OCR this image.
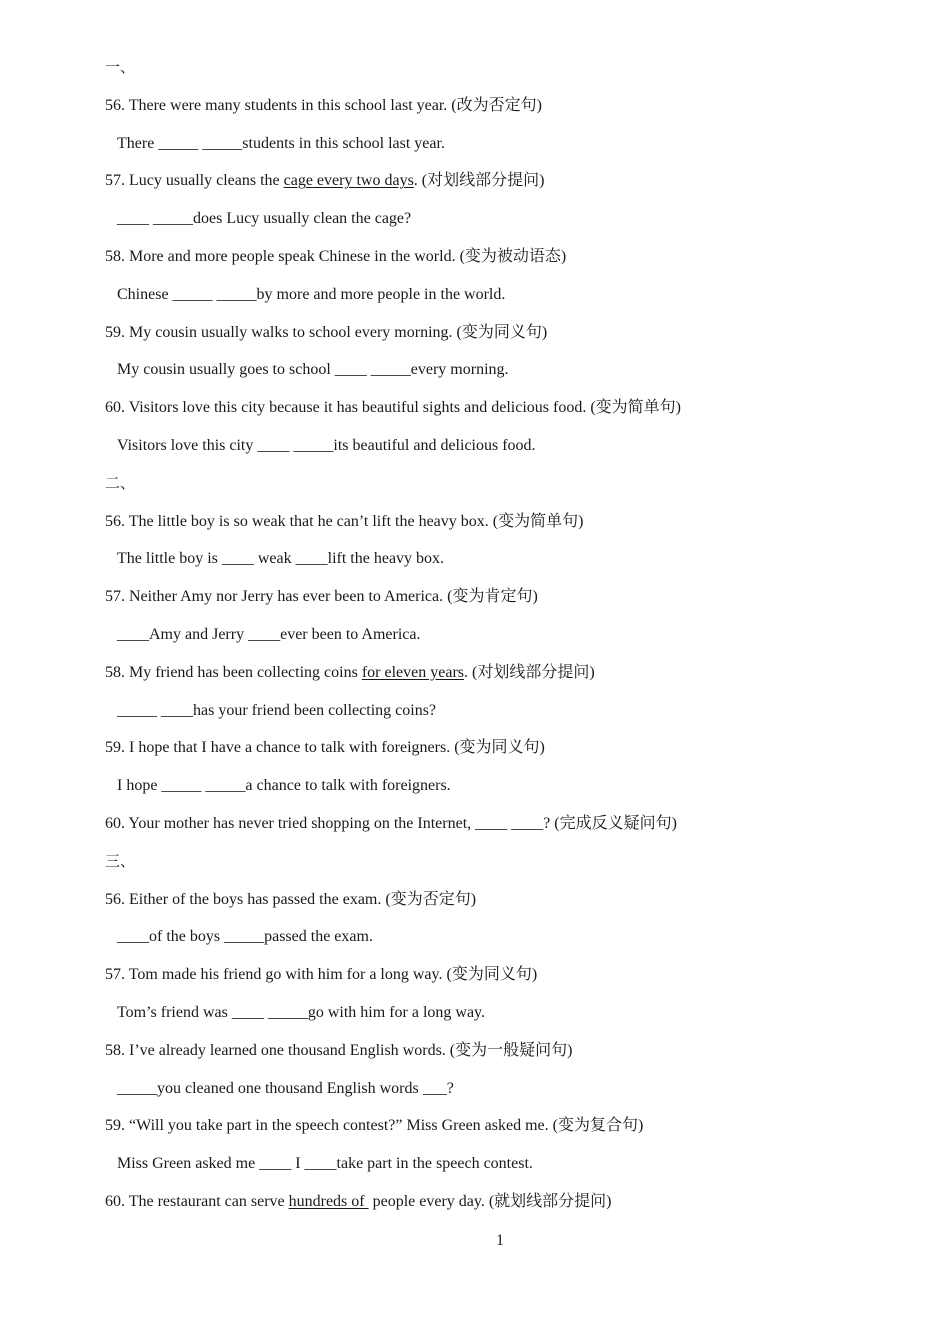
一、
56. There were many students in this school last year. (改为否定句)
There _____ _____students in this school last year.
57. Lucy usually cleans the cage every two days . (对划线部分提问)
____ _____does Lucy usually clean the cage?
58. More and more people speak Chinese in the world. (变为被动语态)
Chinese _____ _____by more and more people in the world.
59. My cousin usually walks to school every morning. (变为同义句)
My cousin usually goes to school ____ _____every morning.
60. Visitors love this city because it has beautiful sights and delicious food. (变为简单句)
Visitors love this city ____ _____its beautiful and delicious food.
二、
56. The little boy is so weak that he can’t lift the heavy box. (变为简单句)
The little boy is ____ weak ____lift the heavy box.
57. Neither Amy nor Jerry has ever been to America. (变为肯定句)
____Amy and Jerry ____ever been to America.
58. My friend has been collecting coins for eleven years . (对划线部分提问)
_____ ____has your friend been collecting coins?
59. I hope that I have a chance to talk with foreigners. (变为同义句)
I hope _____ _____a chance to talk with foreigners.
60. Your mother has never tried shopping on the Internet, ____ ____? (完成反义疑问句)
三、
56. Either of the boys has passed the exam. (变为否定句)
____of the boys _____passed the exam.
57. Tom made his friend go with him for a long way. (变为同义句)
Tom’s friend was ____ _____go with him for a long way.
58. I’ve already learned one thousand English words. (变为一般疑问句)
_____you cleaned one thousand English words ___?
59. “Will you take part in the speech contest?” Miss Green asked me. (变为复合句)
Miss Green asked me ____ I ____take part in the speech contest.
60. The restaurant can serve hundreds of people every day. (就划线部分提问)
1
